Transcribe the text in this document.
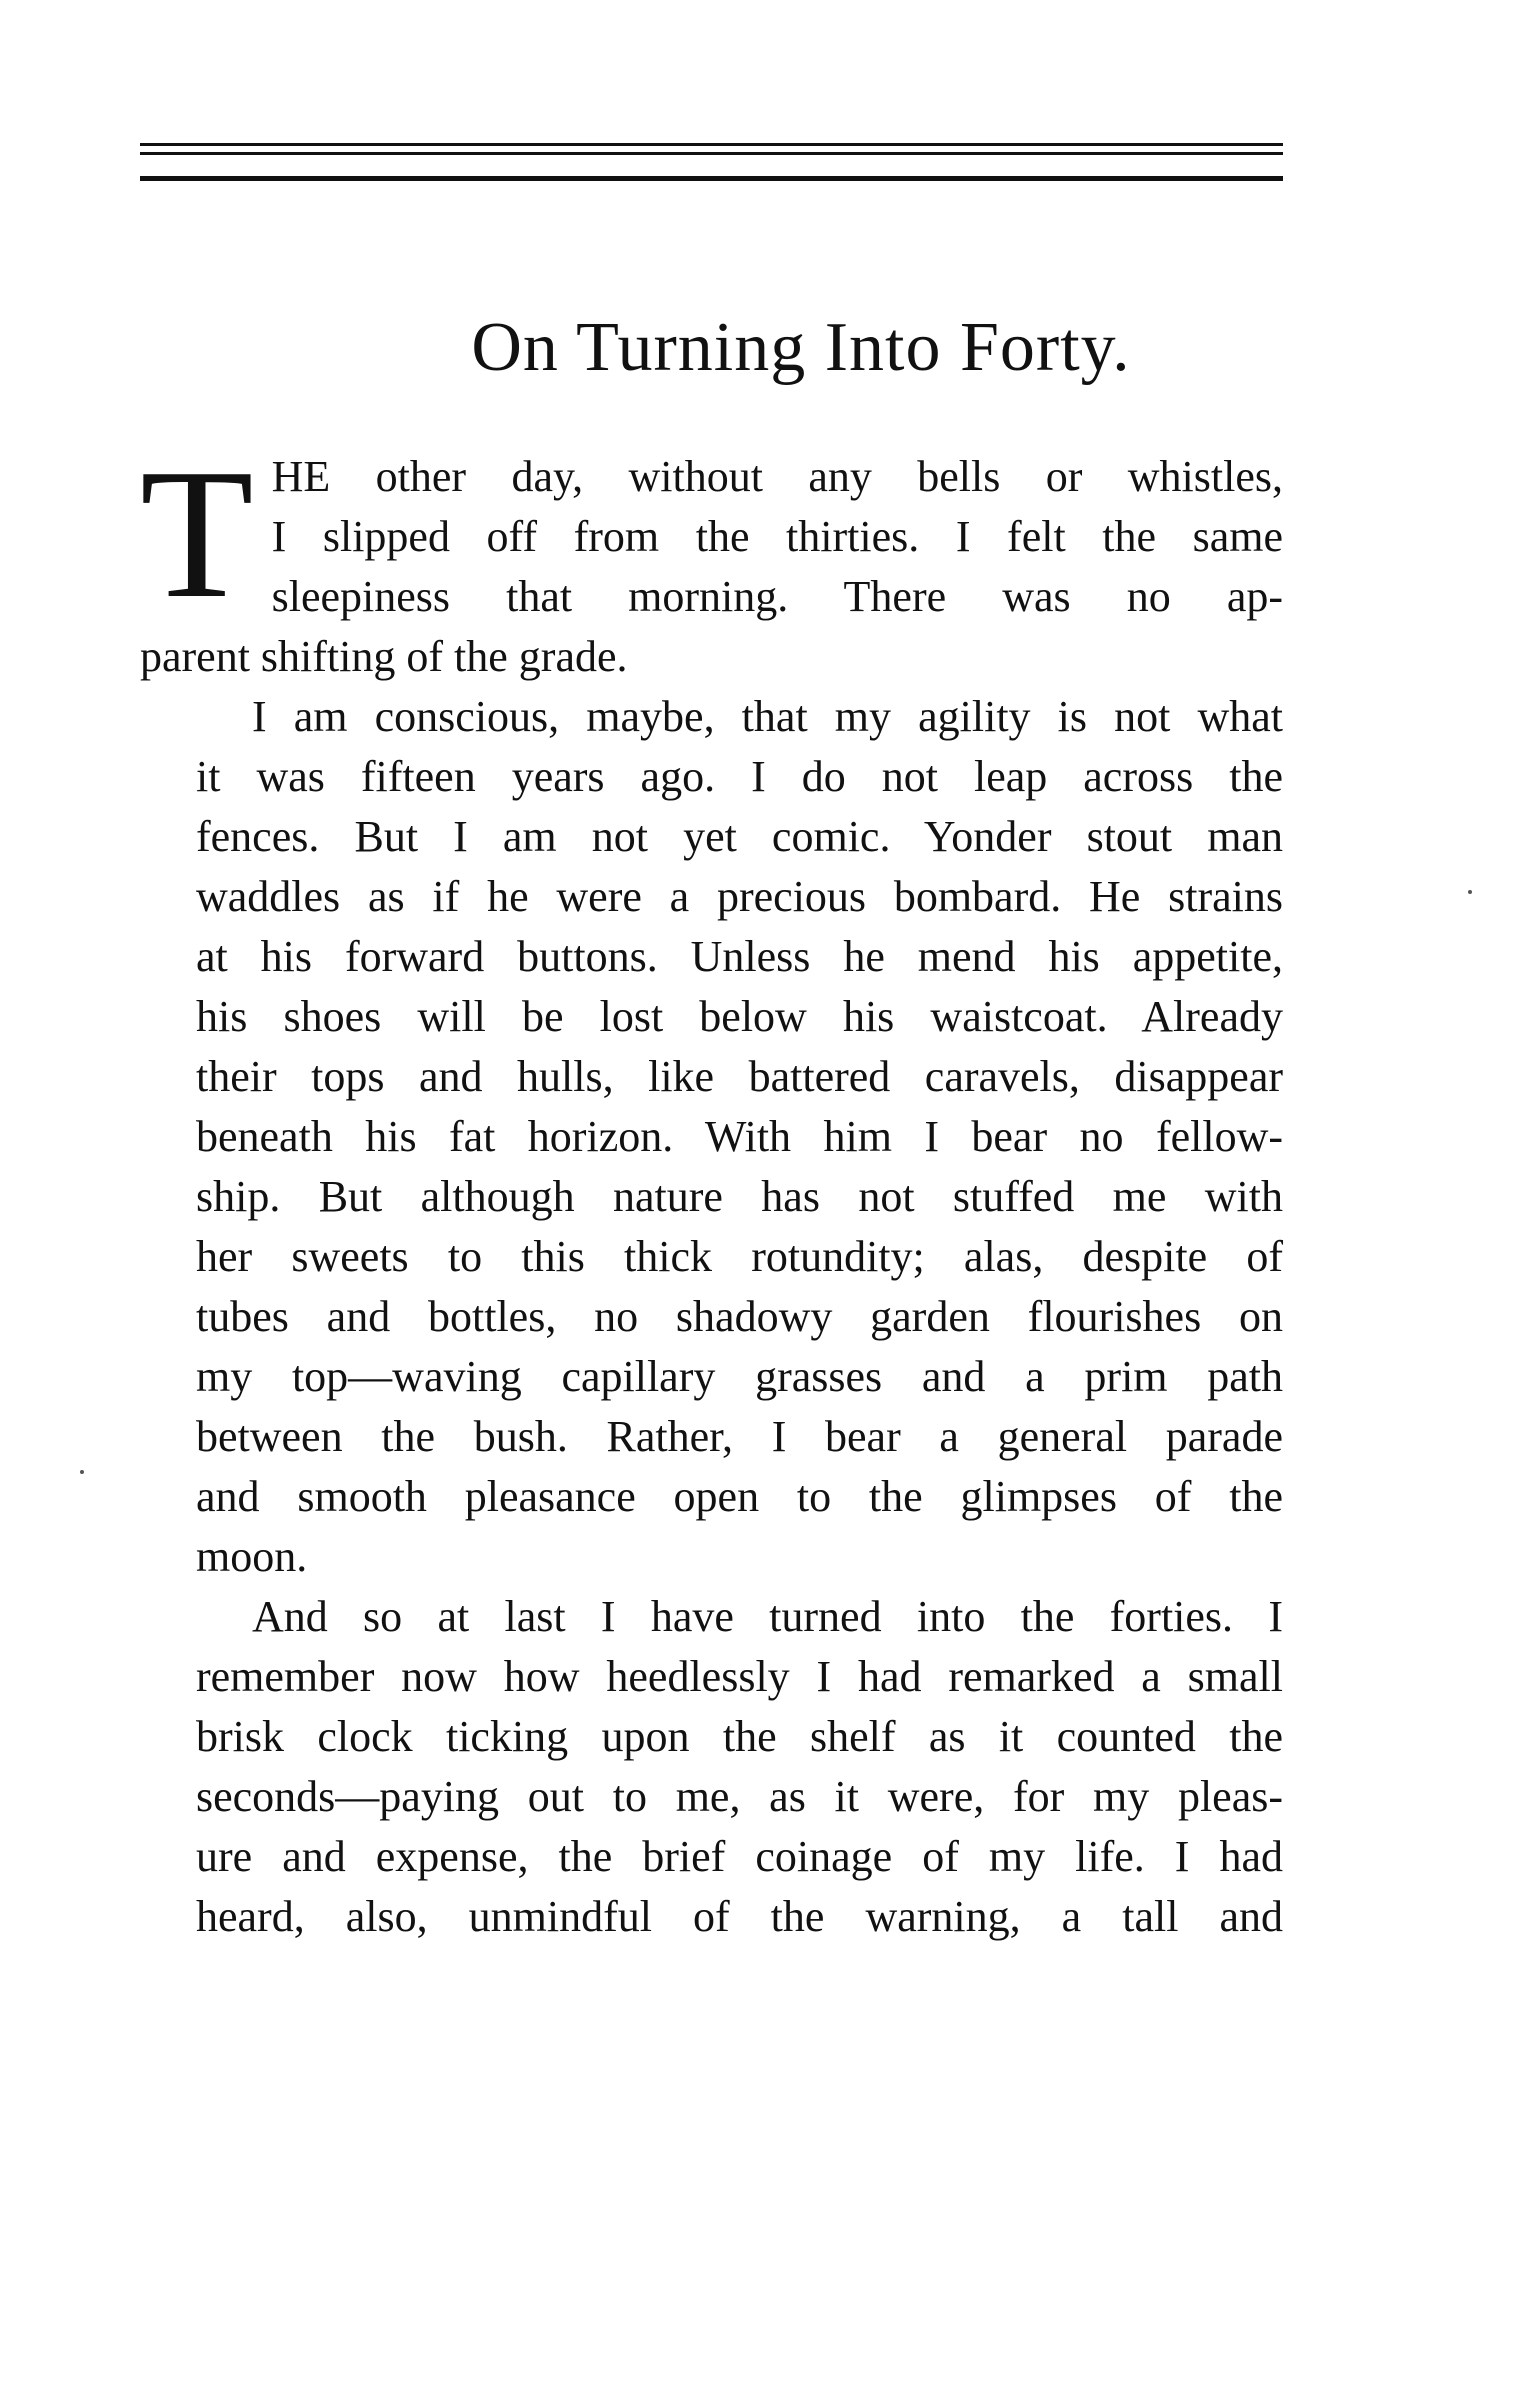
On Turning Into Forty.
T HE other day, without any bells or whistles,
I slipped off from the thirties. I felt the same
sleepiness that morning. There was no ap-
parent shifting of the grade.
I am conscious, maybe, that my agility is not what
it was fifteen years ago. I do not leap across the
fences. But I am not yet comic. Yonder stout man
waddles as if he were a precious bombard. He strains
at his forward buttons. Unless he mend his appetite,
his shoes will be lost below his waistcoat. Already
their tops and hulls, like battered caravels, disappear
beneath his fat horizon. With him I bear no fellow-
ship. But although nature has not stuffed me with
her sweets to this thick rotundity; alas, despite of
tubes and bottles, no shadowy garden flourishes on
my top—waving capillary grasses and a prim path
between the bush. Rather, I bear a general parade
and smooth pleasance open to the glimpses of the
moon.
And so at last I have turned into the forties. I
remember now how heedlessly I had remarked a small
brisk clock ticking upon the shelf as it counted the
seconds—paying out to me, as it were, for my pleas-
ure and expense, the brief coinage of my life. I had
heard, also, unmindful of the warning, a tall and
